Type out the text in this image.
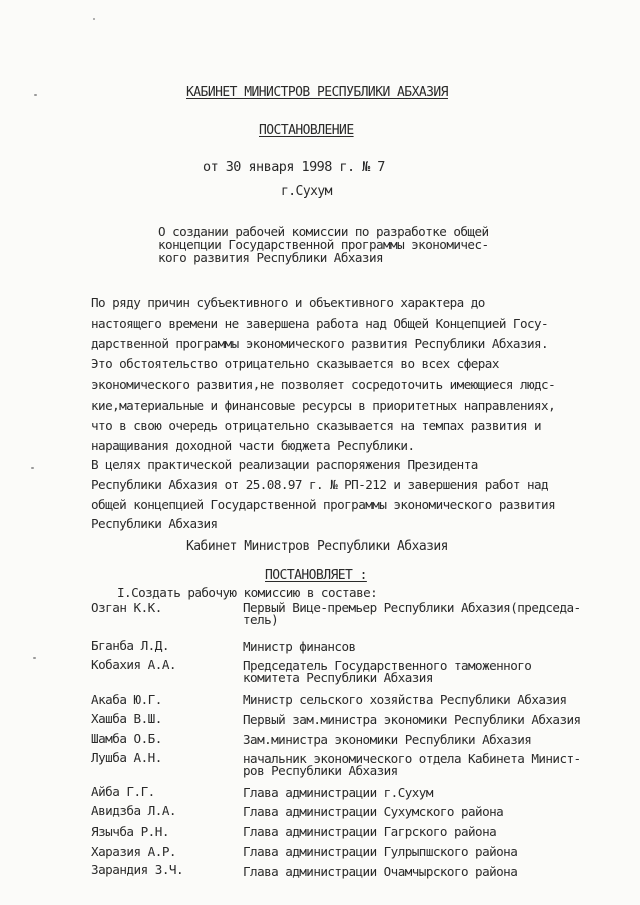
КАБИНЕТ МИНИСТРОВ РЕСПУБЛИКИ АБХАЗИЯ
ПОСТАНОВЛЕНИЕ
от 30 января 1998 г. № 7
г.Сухум
О создании рабочей комиссии по разработке общей
концепции Государственной программы экономичес-
кого развития Республики Абхазия
По ряду причин субъективного и объективного характера до
настоящего времени не завершена работа над Общей Концепцией Госу-
дарственной программы экономического развития Республики Абхазия.
Это обстоятельство отрицательно сказывается во всех сферах
экономического развития,не позволяет сосредоточить имеющиеся людс-
кие,материальные и финансовые ресурсы в приоритетных направлениях,
что в свою очередь отрицательно сказывается на темпах развития и
наращивания доходной части бюджета Республики.
В целях практической реализации распоряжения Президента
Республики Абхазия от 25.08.97 г. № РП-212 и завершения работ над
общей концепцией Государственной программы экономического развития
Республики Абхазия
Кабинет Министров Республики Абхазия
ПОСТАНОВЛЯЕТ :
I.Создать рабочую комиссию в составе:
Озган К.К.	Первый Вице-премьер Республики Абхазия(председа-
тель)
Бганба Л.Д.	Министр финансов
Кобахия А.А.	Председатель Государственного таможенного
комитета Республики Абхазия
Акаба Ю.Г.	Министр сельского хозяйства Республики Абхазия
Хашба В.Ш.	Первый зам.министра экономики Республики Абхазия
Шамба О.Б.	Зам.министра экономики Республики Абхазия
Лушба А.Н.	начальник экономического отдела Кабинета Минист-
ров Республики Абхазия
Айба Г.Г.	Глава администрации г.Сухум
Авидзба Л.А.	Глава администрации Сухумского района
Язычба Р.Н.	Глава администрации Гагрского района
Харазия А.Р.	Глава администрации Гулрыпшского района
Зарандия З.Ч.	Глава администрации Очамчырского района
